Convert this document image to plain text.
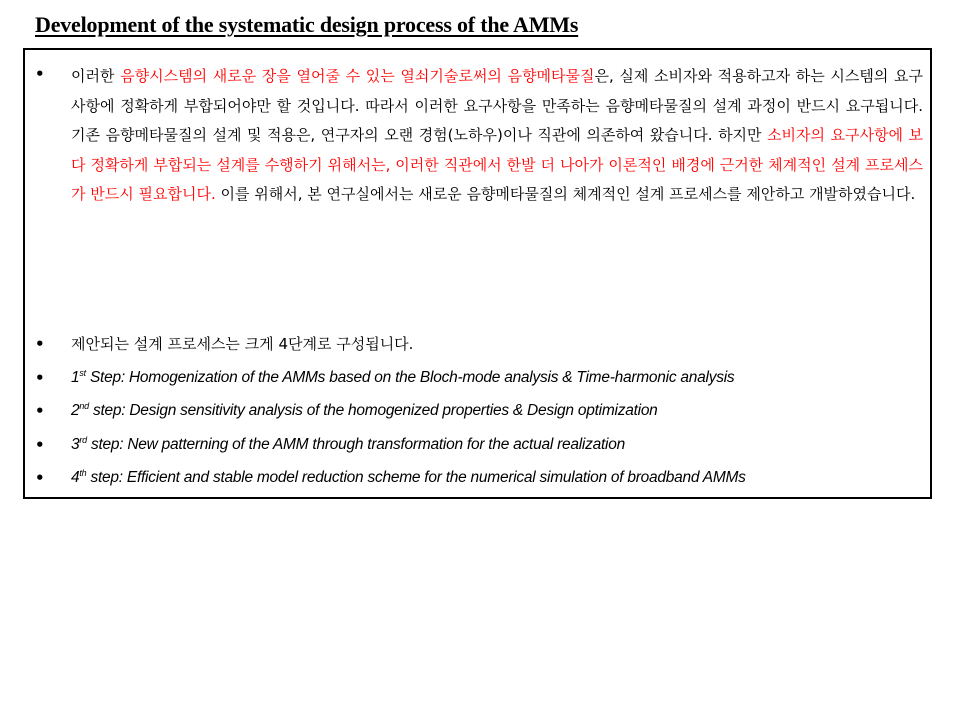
Development of the systematic design process of the AMMs
• 이러한 음향시스템의 새로운 장을 열어줄 수 있는 열쇠기술로써의 음향메타물질은, 실제 소비자와 적용하고자 하는 시스템의 요구사항에 정확하게 부합되어야만 할 것입니다. 따라서 이러한 요구사항을 만족하는 음향메타물질의 설계 과정이 반드시 요구됩니다. 기존 음향메타물질의 설계 및 적용은, 연구자의 오랜 경험(노하우)이나 직관에 의존하여 왔습니다. 하지만 소비자의 요구사항에 보다 정확하게 부합되는 설계를 수행하기 위해서는, 이러한 직관에서 한발 더 나아가 이론적인 배경에 근거한 체계적인 설계 프로세스가 반드시 필요합니다. 이를 위해서, 본 연구실에서는 새로운 음향메타물질의 체계적인 설계 프로세스를 제안하고 개발하였습니다.

• 제안되는 설계 프로세스는 크게 4단계로 구성됩니다.
• 1st Step: Homogenization of the AMMs based on the Bloch-mode analysis & Time-harmonic analysis
• 2nd step: Design sensitivity analysis of the homogenized properties & Design optimization
• 3rd step: New patterning of the AMM through transformation for the actual realization
• 4th step: Efficient and stable model reduction scheme for the numerical simulation of broadband AMMs
